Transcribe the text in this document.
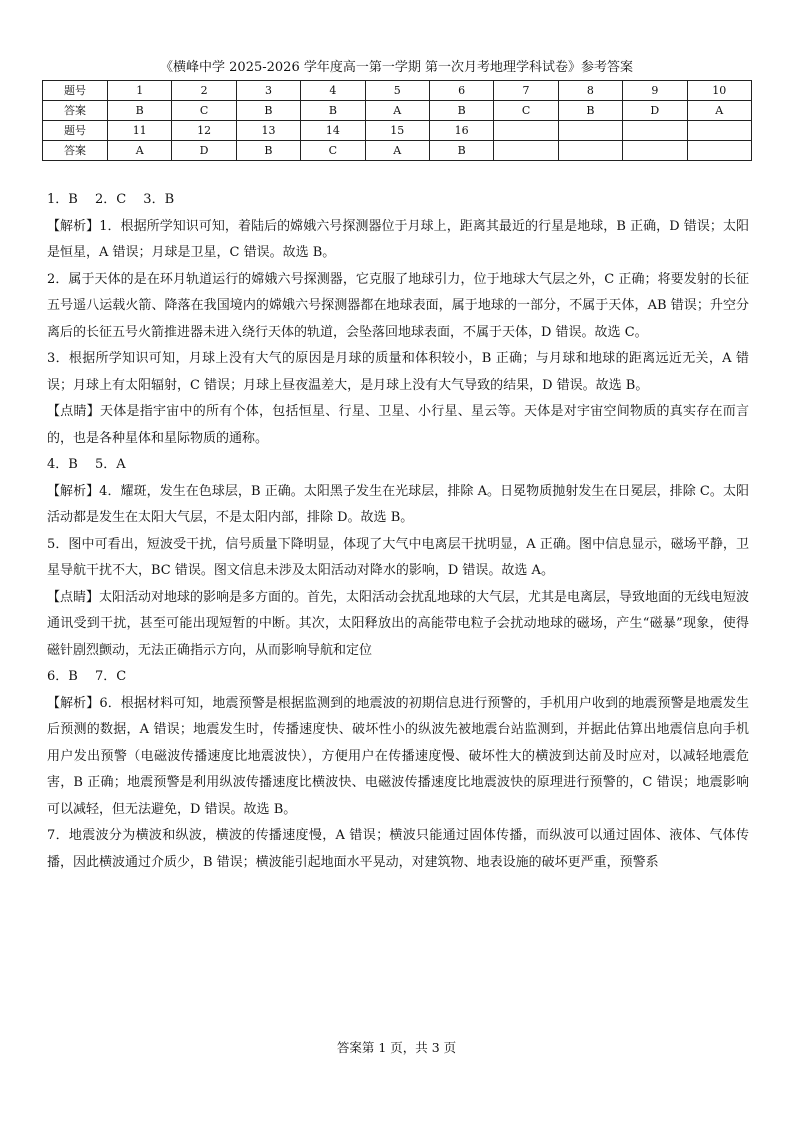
《横峰中学 2025-2026 学年度高一第一学期 第一次月考地理学科试卷》参考答案
题号	1	2	3	4	5	6	7	8	9	10
答案	B	C	B	B	A	B	C	B	D	A
题号	11	12	13	14	15	16				
答案	A	D	B	C	A	B				

1．B　 2．C　 3．B

【解析】1．根据所学知识可知，着陆后的嫦娥六号探测器位于月球上，距离其最近的行星是地球，B 正确，D 错误；太阳是恒星，A 错误；月球是卫星，C 错误。故选 B。

2．属于天体的是在环月轨道运行的嫦娥六号探测器，它克服了地球引力，位于地球大气层之外，C 正确；将要发射的长征五号遥八运载火箭、降落在我国境内的嫦娥六号探测器都在地球表面，属于地球的一部分，不属于天体，AB 错误；升空分离后的长征五号火箭推进器未进入绕行天体的轨道，会坠落回地球表面，不属于天体，D 错误。故选 C。

3．根据所学知识可知，月球上没有大气的原因是月球的质量和体积较小，B 正确；与月球和地球的距离远近无关，A 错误；月球上有太阳辐射，C 错误；月球上昼夜温差大，是月球上没有大气导致的结果，D 错误。故选 B。

【点睛】天体是指宇宙中的所有个体，包括恒星、行星、卫星、小行星、星云等。天体是对宇宙空间物质的真实存在而言的，也是各种星体和星际物质的通称。

4．B　 5．A

【解析】4．耀斑，发生在色球层，B 正确。太阳黑子发生在光球层，排除 A。日冕物质抛射发生在日冕层，排除 C。太阳活动都是发生在太阳大气层，不是太阳内部，排除 D。故选 B。

5．图中可看出，短波受干扰，信号质量下降明显，体现了大气中电离层干扰明显，A 正确。图中信息显示，磁场平静，卫星导航干扰不大，BC 错误。图文信息未涉及太阳活动对降水的影响，D 错误。故选 A。

【点睛】太阳活动对地球的影响是多方面的。首先，太阳活动会扰乱地球的大气层，尤其是电离层，导致地面的无线电短波通讯受到干扰，甚至可能出现短暂的中断。其次，太阳释放出的高能带电粒子会扰动地球的磁场，产生“磁暴”现象，使得磁针剧烈颤动，无法正确指示方向，从而影响导航和定位

6．B　 7．C

【解析】6．根据材料可知，地震预警是根据监测到的地震波的初期信息进行预警的，手机用户收到的地震预警是地震发生后预测的数据，A 错误；地震发生时，传播速度快、破坏性小的纵波先被地震台站监测到，并据此估算出地震信息向手机用户发出预警（电磁波传播速度比地震波快），方便用户在传播速度慢、破坏性大的横波到达前及时应对，以减轻地震危害，B 正确；地震预警是利用纵波传播速度比横波快、电磁波传播速度比地震波快的原理进行预警的，C 错误；地震影响可以减轻，但无法避免，D 错误。故选 B。

7．地震波分为横波和纵波，横波的传播速度慢，A 错误；横波只能通过固体传播，而纵波可以通过固体、液体、气体传播，因此横波通过介质少，B 错误；横波能引起地面水平晃动，对建筑物、地表设施的破坏更严重，预警系

答案第 1 页，共 3 页
